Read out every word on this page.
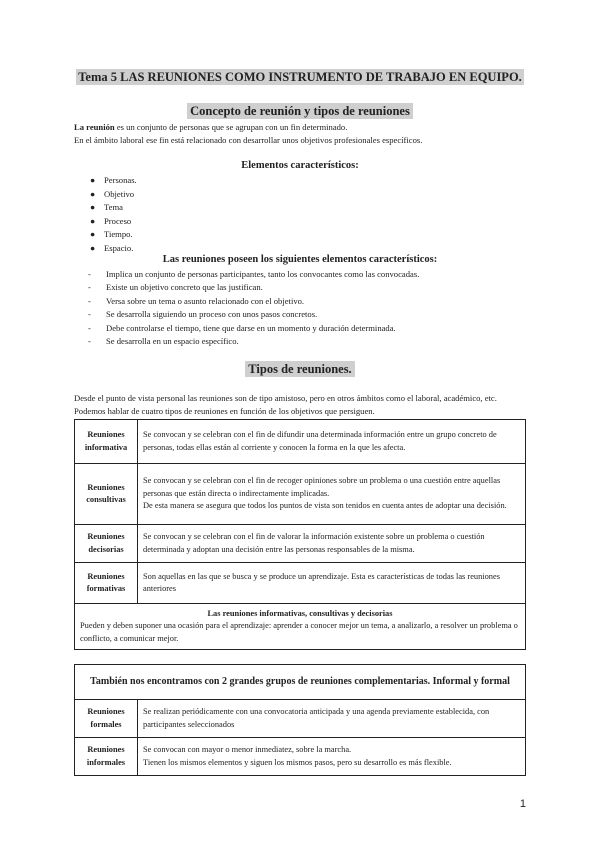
Tema 5 LAS REUNIONES COMO INSTRUMENTO DE TRABAJO EN EQUIPO.
Concepto de reunión y tipos de reuniones
La reunión es un conjunto de personas que se agrupan con un fin determinado.
En el ámbito laboral ese fin está relacionado con desarrollar unos objetivos profesionales específicos.
Elementos característicos:
● Personas.
● Objetivo
● Tema
● Proceso
● Tiempo.
● Espacio.
Las reuniones poseen los siguientes elementos característicos:
- Implica un conjunto de personas participantes, tanto los convocantes como las convocadas.
- Existe un objetivo concreto que las justifican.
- Versa sobre un tema o asunto relacionado con el objetivo.
- Se desarrolla siguiendo un proceso con unos pasos concretos.
- Debe controlarse el tiempo, tiene que darse en un momento y duración determinada.
- Se desarrolla en un espacio específico.
Tipos de reuniones.
Desde el punto de vista personal las reuniones son de tipo amistoso, pero en otros ámbitos como el laboral, académico, etc. Podemos hablar de cuatro tipos de reuniones en función de los objetivos que persiguen.
Reuniones informativa	Se convocan y se celebran con el fin de difundir una determinada información entre un grupo concreto de personas, todas ellas están al corriente y conocen la forma en la que les afecta.
Reuniones consultivas	Se convocan y se celebran con el fin de recoger opiniones sobre un problema o una cuestión entre aquellas personas que están directa o indirectamente implicadas.
De esta manera se asegura que todos los puntos de vista son tenidos en cuenta antes de adoptar una decisión.
Reuniones decisorias	Se convocan y se celebran con el fin de valorar la información existente sobre un problema o cuestión determinada y adoptan una decisión entre las personas responsables de la misma.
Reuniones formativas	Son aquellas en las que se busca y se produce un aprendizaje. Esta es características de todas las reuniones anteriores

Las reuniones informativas, consultivas y decisorias
Pueden y deben suponer una ocasión para el aprendizaje: aprender a conocer mejor un tema, a analizarlo, a resolver un problema o conflicto, a comunicar mejor.	
También nos encontramos con 2 grandes grupos de reuniones complementarias. Informal y formal	
Reuniones formales	Se realizan periódicamente con una convocatoria anticipada y una agenda previamente establecida, con participantes seleccionados
Reuniones informales	Se convocan con mayor o menor inmediatez, sobre la marcha.
Tienen los mismos elementos y siguen los mismos pasos, pero su desarrollo es más flexible.
1
